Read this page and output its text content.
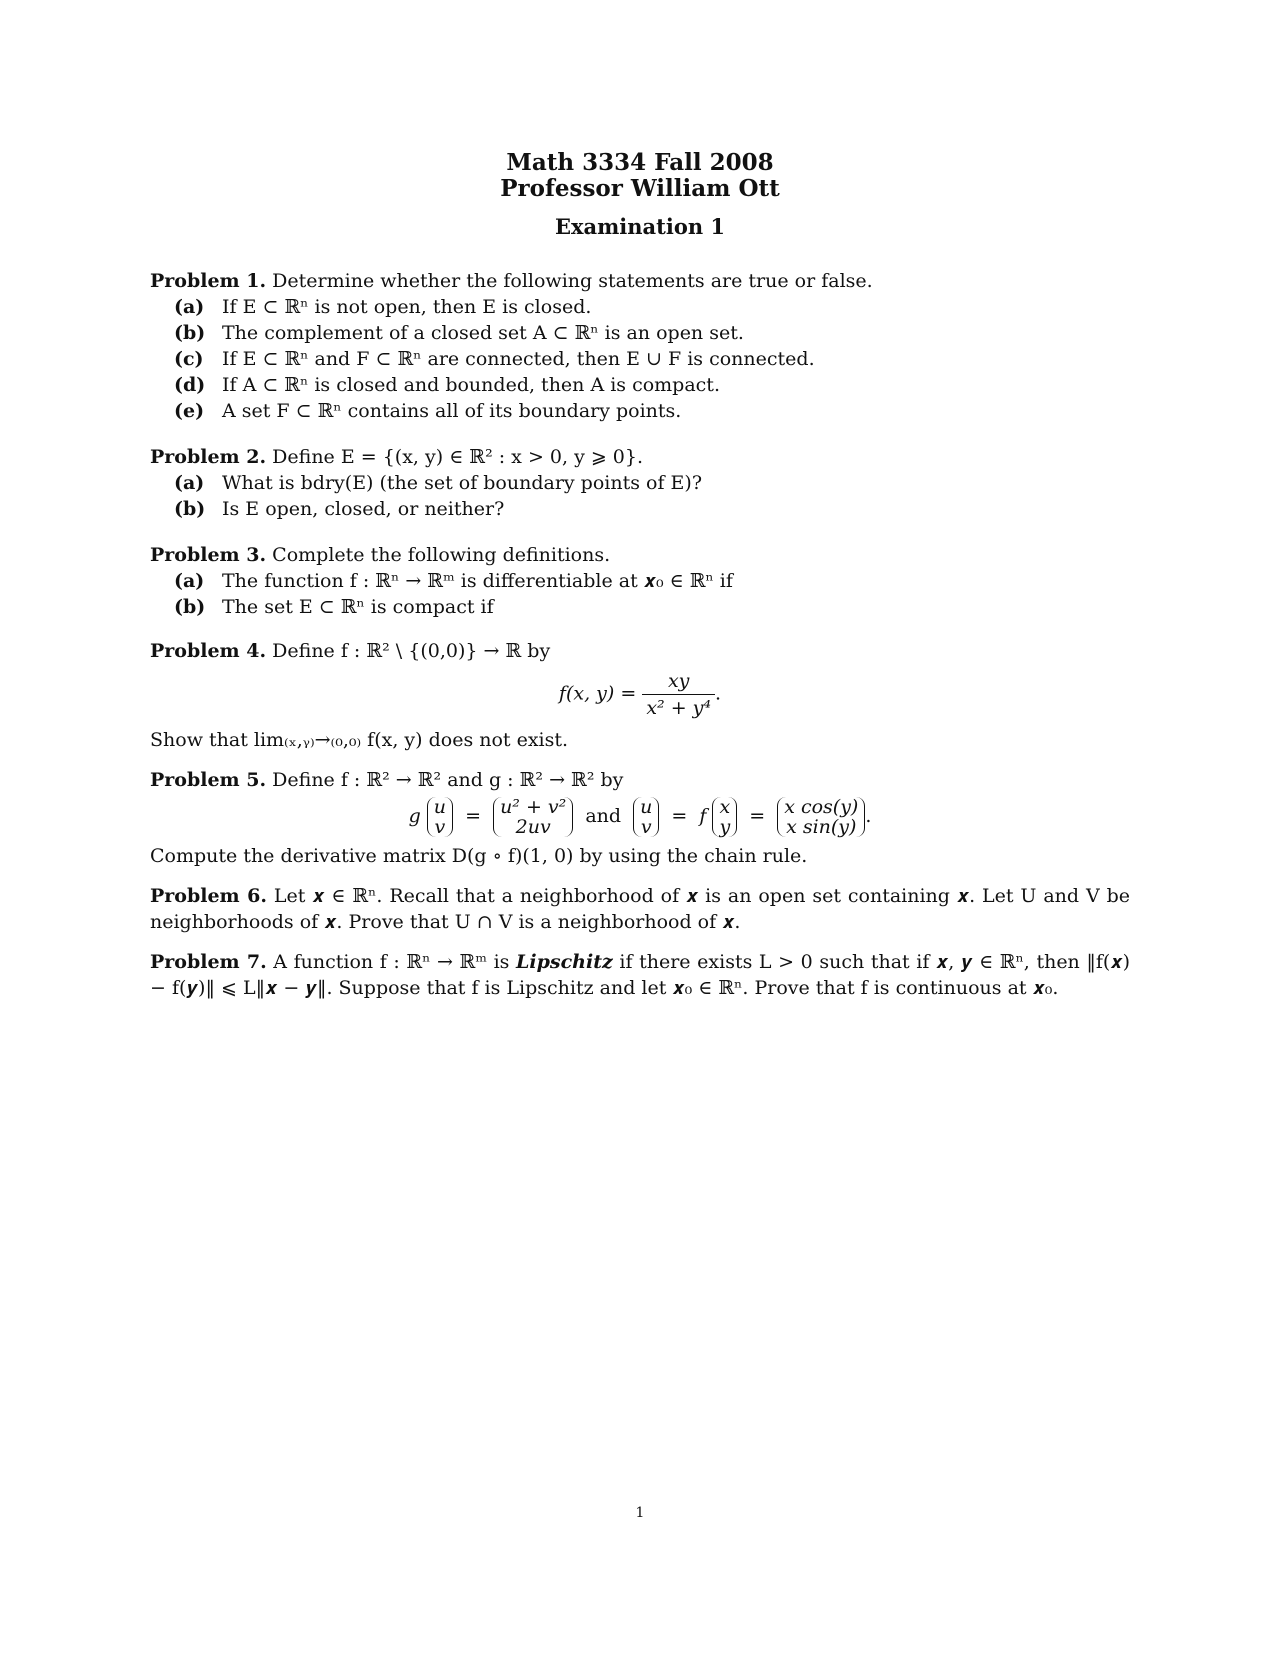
Math 3334 Fall 2008
Professor William Ott
Examination 1
Problem 1. Determine whether the following statements are true or false.
(a) If E ⊂ ℝⁿ is not open, then E is closed.
(b) The complement of a closed set A ⊂ ℝⁿ is an open set.
(c) If E ⊂ ℝⁿ and F ⊂ ℝⁿ are connected, then E ∪ F is connected.
(d) If A ⊂ ℝⁿ is closed and bounded, then A is compact.
(e) A set F ⊂ ℝⁿ contains all of its boundary points.
Problem 2. Define E = {(x, y) ∈ ℝ² : x > 0, y ⩾ 0}.
(a) What is bdry(E) (the set of boundary points of E)?
(b) Is E open, closed, or neither?
Problem 3. Complete the following definitions.
(a) The function f : ℝⁿ → ℝᵐ is differentiable at 𝒙₀ ∈ ℝⁿ if
(b) The set E ⊂ ℝⁿ is compact if
Problem 4. Define f : ℝ² \ {(0,0)} → ℝ by
f(x, $y) = \frac{xy}{\text{x² + y⁴}}$ .
Show that lim₍ₓ,ᵧ₎→₍₀,₀₎ f(x, y) does not exist.
Problem 5. Define f : ℝ² → ℝ² and g : ℝ² → ℝ² by
g u
v = u² + v²
2uv	and u
v = f x
y = x cos(y)
x sin(y) .
Compute the derivative matrix D(g ∘ f)(1, 0) by using the chain rule.
Problem 6. Let 𝒙 ∈ ℝⁿ. Recall that a neighborhood of 𝒙 is an open set containing 𝒙. Let U and V be neighborhoods of 𝒙. Prove that U ∩ V is a neighborhood of 𝒙.
Problem 7. A function f : ℝⁿ → ℝᵐ is Lipschitz if there exists L > 0 such that if 𝒙, 𝒚 ∈ ℝⁿ, then ‖f(𝒙) − f(𝒚)‖ ⩽ L‖𝒙 − 𝒚‖. Suppose that f is Lipschitz and let 𝒙₀ ∈ ℝⁿ. Prove that f is continuous at 𝒙₀.
1
